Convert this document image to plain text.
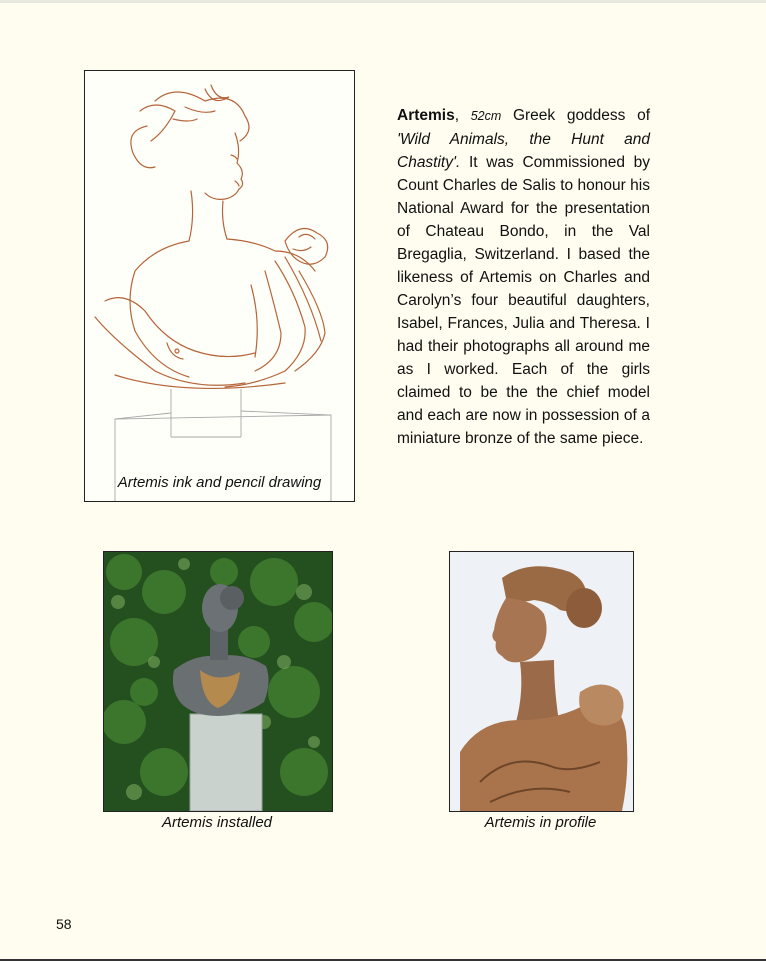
Artemis ink and pencil drawing
Artemis, 52cm Greek goddess of 'Wild Animals, the Hunt and Chastity'. It was Commissioned by Count Charles de Salis to honour his National Award for the presentation of Chateau Bondo, in the Val Bregaglia, Switzerland. I based the likeness of Artemis on Charles and Carolyn’s four beautiful daughters, Isabel, Frances, Julia and Theresa. I had their photographs all around me as I worked. Each of the girls claimed to be the the chief model and each are now in possession of a miniature bronze of the same piece.
Artemis installed	Artemis in profile
58
